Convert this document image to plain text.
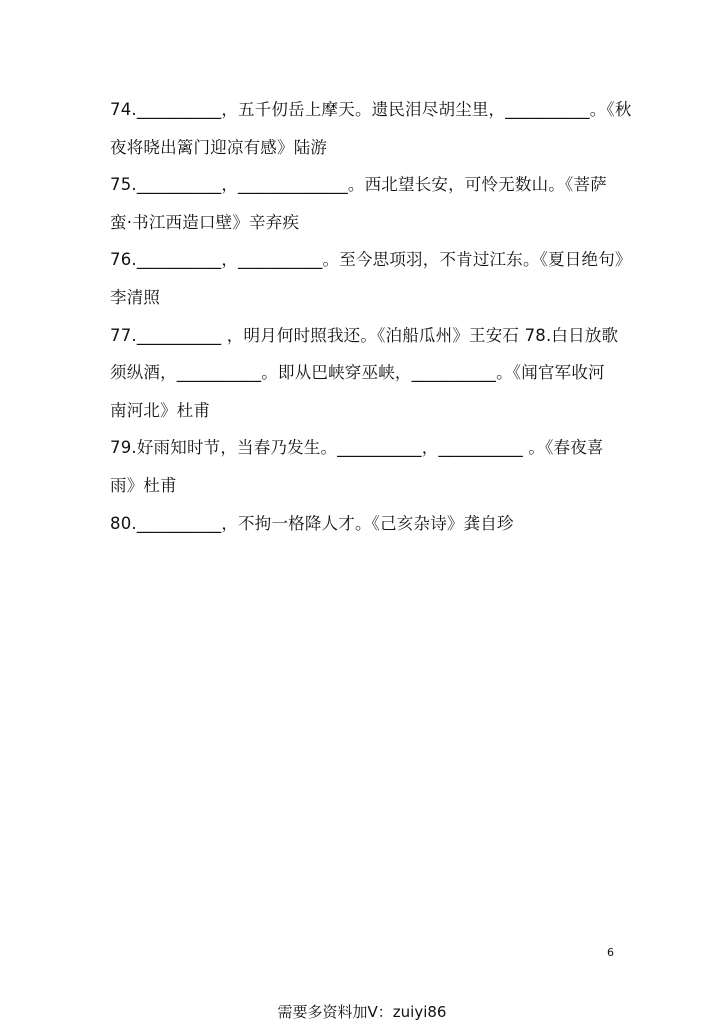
74.__________，五千仞岳上摩天。遗民泪尽胡尘里，__________。《秋
夜将晓出篱门迎凉有感》陆游
75.__________，_____________。西北望长安，可怜无数山。《菩萨
蛮·书江西造口壁》辛弃疾
76.__________，__________。至今思项羽，不肯过江东。《夏日绝句》
李清照
77.__________ ，明月何时照我还。《泊船瓜州》王安石 78.白日放歌
须纵酒，__________。即从巴峡穿巫峡，__________。《闻官军收河
南河北》杜甫
79.好雨知时节，当春乃发生。__________，__________ 。《春夜喜
雨》杜甫
80.__________，不拘一格降人才。《己亥杂诗》龚自珍
6
需要多资料加V：zuiyi86
